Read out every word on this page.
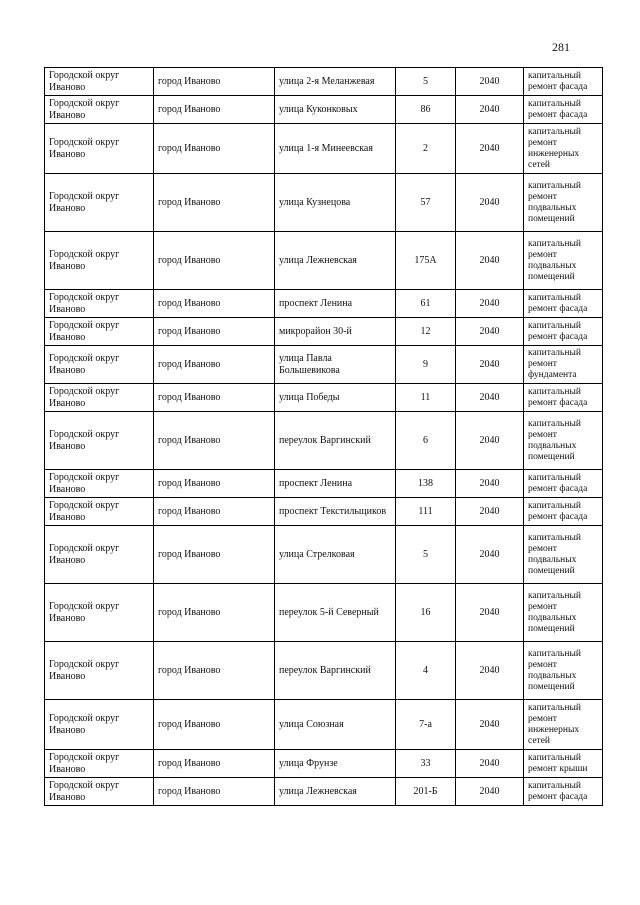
281
Городской округ Иваново	город Иваново	улица 2-я Меланжевая	5	2040	капитальный ремонт фасада
Городской округ Иваново	город Иваново	улица Куконковых	86	2040	капитальный ремонт фасада
Городской округ Иваново	город Иваново	улица 1-я Минеевская	2	2040	капитальный ремонт инженерных сетей
Городской округ Иваново	город Иваново	улица Кузнецова	57	2040	капитальный ремонт подвальных помещений
Городской округ Иваново	город Иваново	улица Лежневская	175А	2040	капитальный ремонт подвальных помещений
Городской округ Иваново	город Иваново	проспект Ленина	61	2040	капитальный ремонт фасада
Городской округ Иваново	город Иваново	микрорайон 30-й	12	2040	капитальный ремонт фасада
Городской округ Иваново	город Иваново	улица Павла Большевикова	9	2040	капитальный ремонт фундамента
Городской округ Иваново	город Иваново	улица Победы	11	2040	капитальный ремонт фасада
Городской округ Иваново	город Иваново	переулок Варгинский	6	2040	капитальный ремонт подвальных помещений
Городской округ Иваново	город Иваново	проспект Ленина	138	2040	капитальный ремонт фасада
Городской округ Иваново	город Иваново	проспект Текстильщиков	111	2040	капитальный ремонт фасада
Городской округ Иваново	город Иваново	улица Стрелковая	5	2040	капитальный ремонт подвальных помещений
Городской округ Иваново	город Иваново	переулок 5-й Северный	16	2040	капитальный ремонт подвальных помещений
Городской округ Иваново	город Иваново	переулок Варгинский	4	2040	капитальный ремонт подвальных помещений
Городской округ Иваново	город Иваново	улица Союзная	7-а	2040	капитальный ремонт инженерных сетей
Городской округ Иваново	город Иваново	улица Фрунзе	33	2040	капитальный ремонт крыши
Городской округ Иваново	город Иваново	улица Лежневская	201-Б	2040	капитальный ремонт фасада
